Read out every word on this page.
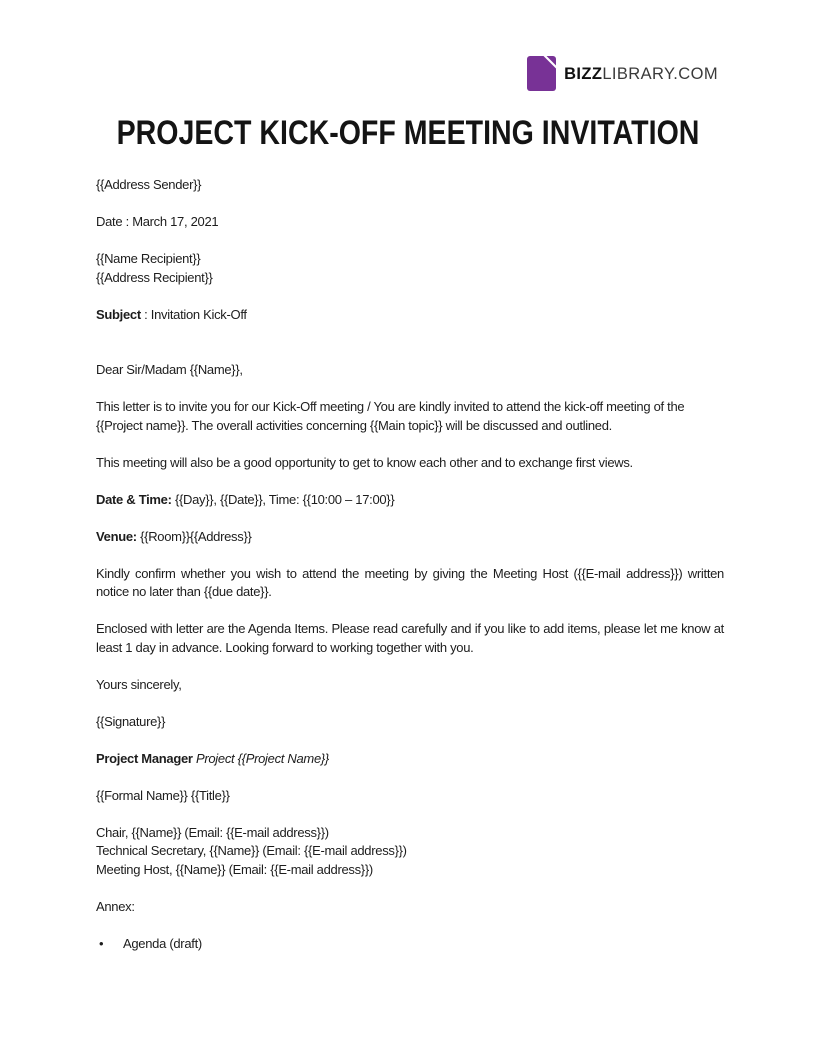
BIZZLIBRARY.COM
PROJECT KICK-OFF MEETING INVITATION

{{Address Sender}}

Date : March 17, 2021

{{Name Recipient}}
{{Address Recipient}}

Subject : Invitation Kick-Off

Dear Sir/Madam {{Name}},

This letter is to invite you for our Kick-Off meeting / You are kindly invited to attend the kick-off meeting of the {{Project name}}. The overall activities concerning {{Main topic}} will be discussed and outlined.

This meeting will also be a good opportunity to get to know each other and to exchange first views.

Date & Time: {{Day}}, {{Date}}, Time: {{10:00 – 17:00}}

Venue: {{Room}}{{Address}}

Kindly confirm whether you wish to attend the meeting by giving the Meeting Host ({{E-mail address}}) written notice no later than {{due date}}.

Enclosed with letter are the Agenda Items. Please read carefully and if you like to add items, please let me know at least 1 day in advance. Looking forward to working together with you.

Yours sincerely,

{{Signature}}

Project Manager Project {{Project Name}}

{{Formal Name}} {{Title}}

Chair, {{Name}} (Email: {{E-mail address}})
Technical Secretary, {{Name}} (Email: {{E-mail address}})
Meeting Host, {{Name}} (Email: {{E-mail address}})

Annex:

•	Agenda (draft)
